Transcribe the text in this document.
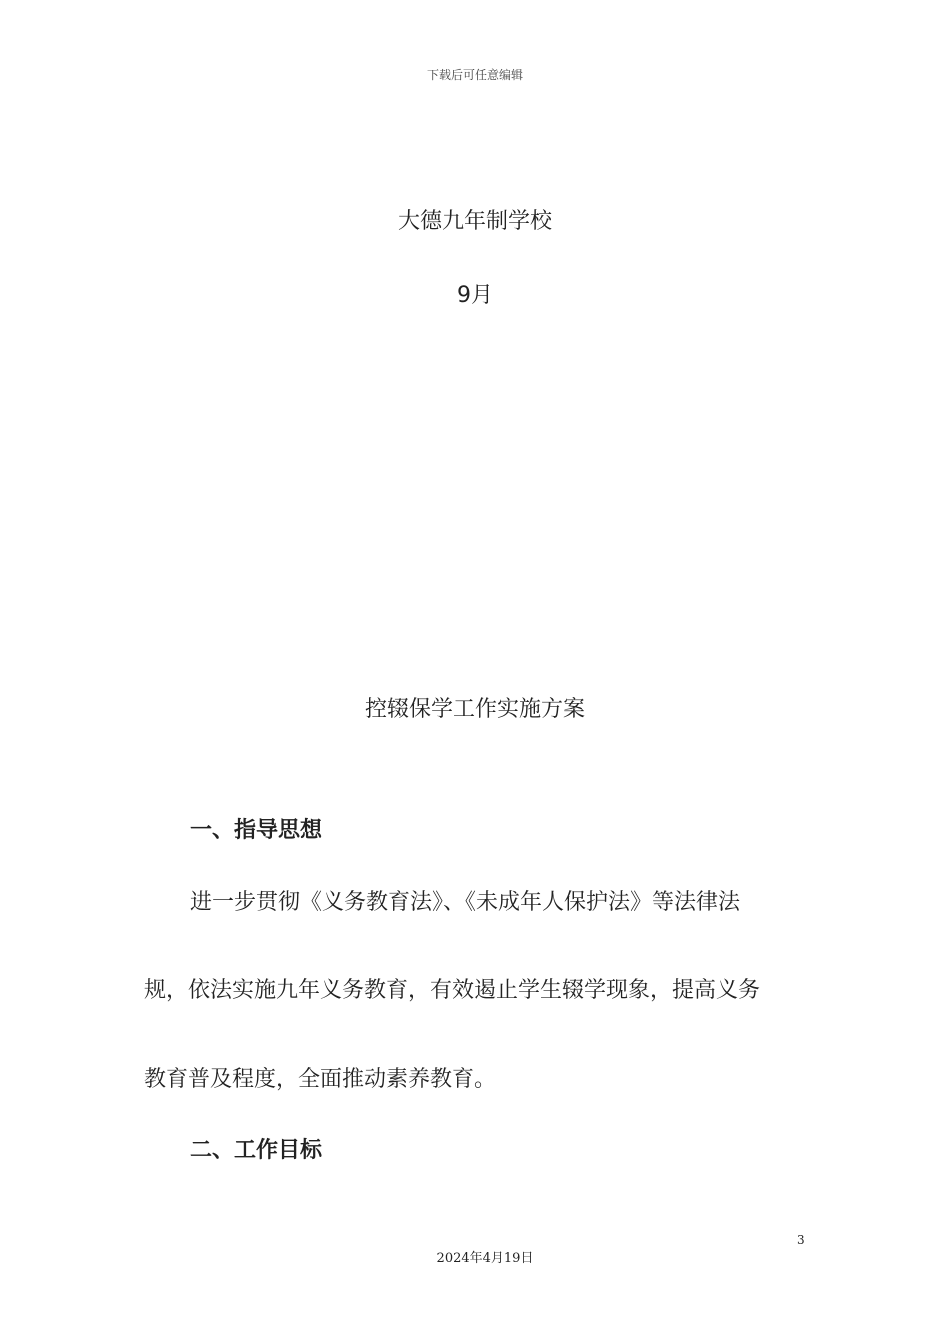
下载后可任意编辑
大德九年制学校
9月
控辍保学工作实施方案
一、指导思想
进一步贯彻《义务教育法》、《未成年人保护法》等法律法
规，依法实施九年义务教育，有效遏止学生辍学现象，提高义务
教育普及程度，全面推动素养教育。
二、工作目标
3
2024年4月19日
